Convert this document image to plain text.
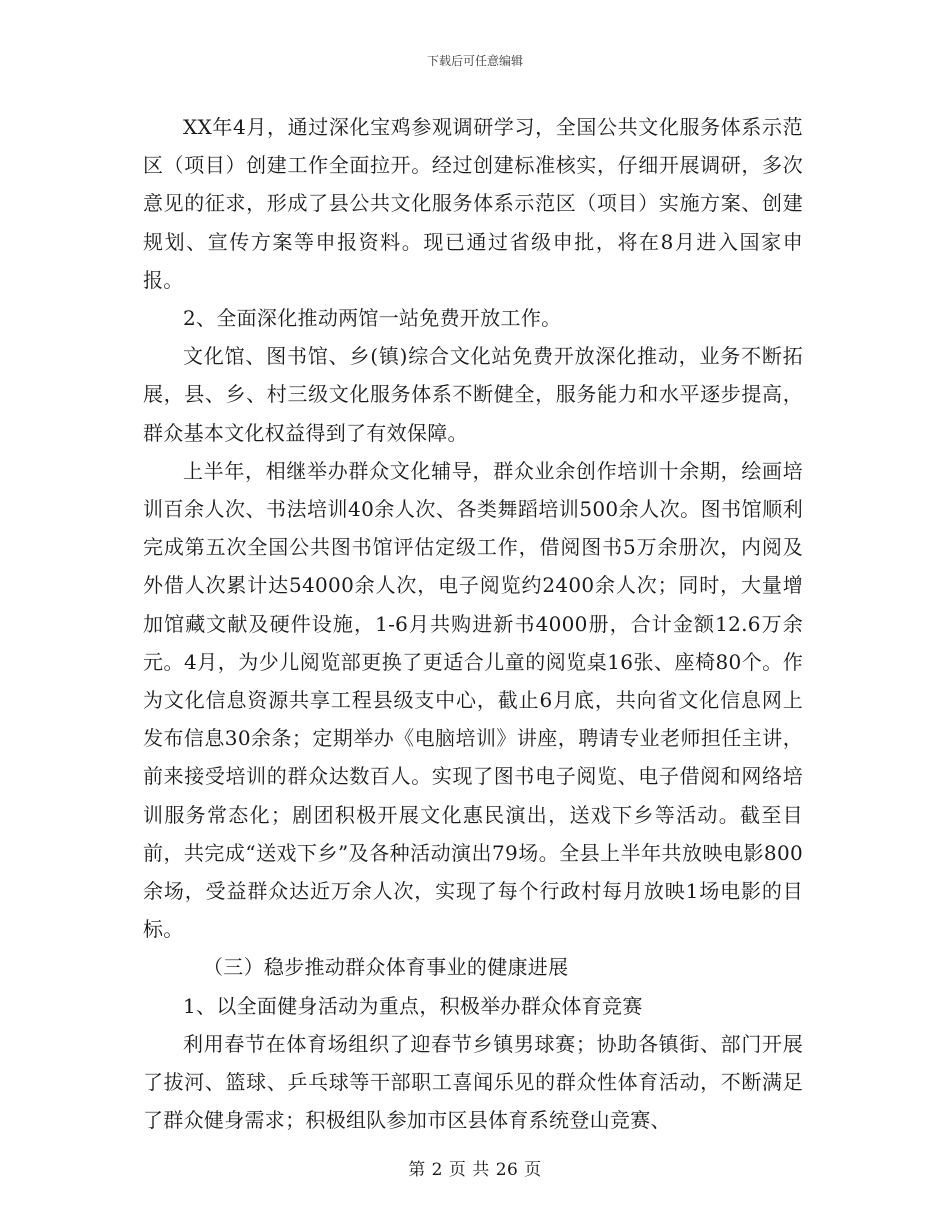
下载后可任意编辑

XX年4月，通过深化宝鸡参观调研学习，全国公共文化服务体系示范区（项目）创建工作全面拉开。经过创建标准核实，仔细开展调研，多次意见的征求，形成了县公共文化服务体系示范区（项目）实施方案、创建规划、宣传方案等申报资料。现已通过省级申批，将在8月进入国家申报。

2、全面深化推动两馆一站免费开放工作。

文化馆、图书馆、乡(镇)综合文化站免费开放深化推动，业务不断拓展，县、乡、村三级文化服务体系不断健全，服务能力和水平逐步提高，群众基本文化权益得到了有效保障。

上半年，相继举办群众文化辅导，群众业余创作培训十余期，绘画培训百余人次、书法培训40余人次、各类舞蹈培训500余人次。图书馆顺利完成第五次全国公共图书馆评估定级工作，借阅图书5万余册次，内阅及外借人次累计达54000余人次，电子阅览约2400余人次；同时，大量增加馆藏文献及硬件设施，1-6月共购进新书4000册，合计金额12.6万余元。4月，为少儿阅览部更换了更适合儿童的阅览桌16张、座椅80个。作为文化信息资源共享工程县级支中心，截止6月底，共向省文化信息网上发布信息30余条；定期举办《电脑培训》讲座，聘请专业老师担任主讲，前来接受培训的群众达数百人。实现了图书电子阅览、电子借阅和网络培训服务常态化；剧团积极开展文化惠民演出，送戏下乡等活动。截至目前，共完成“送戏下乡”及各种活动演出79场。全县上半年共放映电影800余场，受益群众达近万余人次，实现了每个行政村每月放映1场电影的目标。

（三）稳步推动群众体育事业的健康进展

1、以全面健身活动为重点，积极举办群众体育竞赛

利用春节在体育场组织了迎春节乡镇男球赛；协助各镇街、部门开展了拔河、篮球、乒乓球等干部职工喜闻乐见的群众性体育活动，不断满足了群众健身需求；积极组队参加市区县体育系统登山竞赛、

第 2 页 共 26 页
